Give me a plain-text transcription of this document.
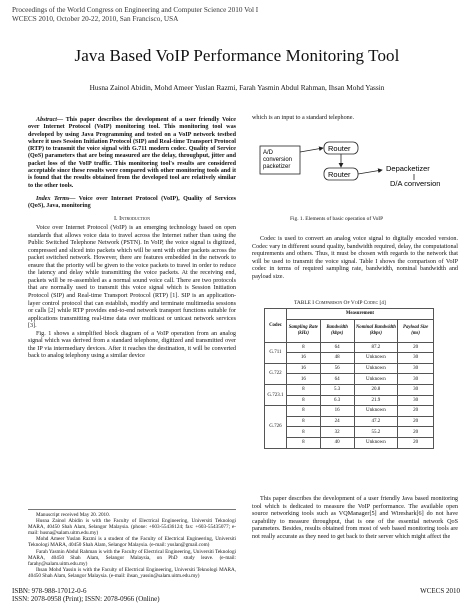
Proceedings of the World Congress on Engineering and Computer Science 2010 Vol I
WCECS 2010, October 20-22, 2010, San Francisco, USA
Java Based VoIP Performance Monitoring Tool
Husna Zainol Abidin, Mohd Ameer Yuslan Razmi, Farah Yasmin Abdul Rahman, Ihsan Mohd Yassin

Abstract— This paper describes the development of a user friendly Voice over Internet Protocol (VoIP) monitoring tool. This monitoring tool was developed by using Java Programming and tested on a VoIP network testbed where it uses Session Initiation Protocol (SIP) and Real-time Transport Protocol (RTP) to transmit the voice signal with G.711 modern codec. Quality of Service (QoS) parameters that are being measured are the delay, throughput, jitter and packet loss of the VoIP traffic. This monitoring tool's results are considered acceptable since these results were compared with other monitoring tools and it is found that the results obtained from the developed tool are relatively similar to the other tools.

Index Terms— Voice over Internet Protocol (VoIP), Quality of Services (QoS), Java, monitoring

I. Introduction

Voice over Internet Protocol (VoIP) is an emerging technology based on open standards that allows voice data to travel across the Internet rather than using the Public Switched Telephone Network (PSTN). In VoIP, the voice signal is digitized, compressed and sliced into packets which will be sent with other packets across the packet switched network. However, there are features embedded in the network to ensure that the priority will be given to the voice packets to travel in order to reduce the latency and delay while transmitting the voice packets. At the receiving end, packets will be re-assembled as a normal sound voice call. There are two protocols that are normally used to transmit this voice signal which is Session Initiation Protocol (SIP) and Real-time Transport Protocol (RTP) [1]. SIP is an application-layer control protocol that can establish, modify and terminate multimedia sessions or calls [2] while RTP provides end-to-end network transport functions suitable for applications transmitting real-time data over multicast or unicast network services [3].

Fig. 1 shows a simplified block diagram of a VoIP operation from an analog signal which was derived from a standard telephone, digitized and transmitted over the IP via intermediary devices. After it reaches the destination, it will be converted back to analog telephony using a similar device

Manuscript received May 20. 2010.

Husna Zainol Abidin is with the Faculty of Electrical Engineering, Universiti Teknologi MARA, 40450 Shah Alam, Selangor Malaysia. (phone: +603-55436124; fax: +603-55435077; e-mail: husna@salam.uitm.edu.my)

Mohd Ameer Yuslan Razmi is a student of the Faculty of Electrical Engineering, Universiti Teknologi MARA, 40450 Shah Alam, Selangor Malaysia. (e-mail: yuslan@gmail.com)

Farah Yasmin Abdul Rahman is with the Faculty of Electrical Engineering, Universiti Teknologi MARA, 40450 Shah Alam, Selangor Malaysia, on PhD study leave. (e-mail: farahy@salam.uitm.edu.my)

Ihsan Mohd Yassin is with the Faculty of Electrical Engineering, Universiti Teknologi MARA, 40450 Shah Alam, Selangor Malaysia. (e-mail: ihsan_yassin@salam.uitm.edu.my)

which is an input to a standard telephone.
A/D conversion packetizer
Router
Router
Depacketizer
D/A conversion
Fig. 1. Elements of basic operation of VoIP
Codec is used to convert an analog voice signal to digitally encoded version. Codec vary in different sound quality, bandwidth required, delay, the computational requirements and others. Thus, it must be chosen with regards to the network that will be used to transmit the voice signal. Table I shows the comparison of VoIP codec in terms of required sampling rate, bandwidth, nominal bandwidth and payload size.
TABLE I Comparison Of VoIP Codec [4]
Codec	Measurement			
	Sampling Rate (kHz)	Bandwidth (kbps)	Nominal Bandwidth (kbps)	Payload Size (ms)
G.711	8	64	87.2	20
	16	48	Unknown	30
G.722	16	56	Unknown	30
	16	64	Unknown	30
G.723.1	8	5.3	20.8	30
	8	6.3	21.9	30
G.726	8	16	Unknown	20
	8	24	47.2	20
	8	32	55.2	20
	8	40	Unknown	20
This paper describes the development of a user friendly Java based monitoring tool which is dedicated to measure the VoIP performance. The available open source networking tools such as VQManager[5] and Wireshark[6] do not have capability to measure throughput, that is one of the essential network QoS parameters. Besides, results obtained from most of web based monitoring tools are not really accurate as they need to get back to their server which might affect the
ISBN: 978-988-17012-0-6
ISSN: 2078-0958 (Print); ISSN: 2078-0966 (Online)
WCECS 2010
